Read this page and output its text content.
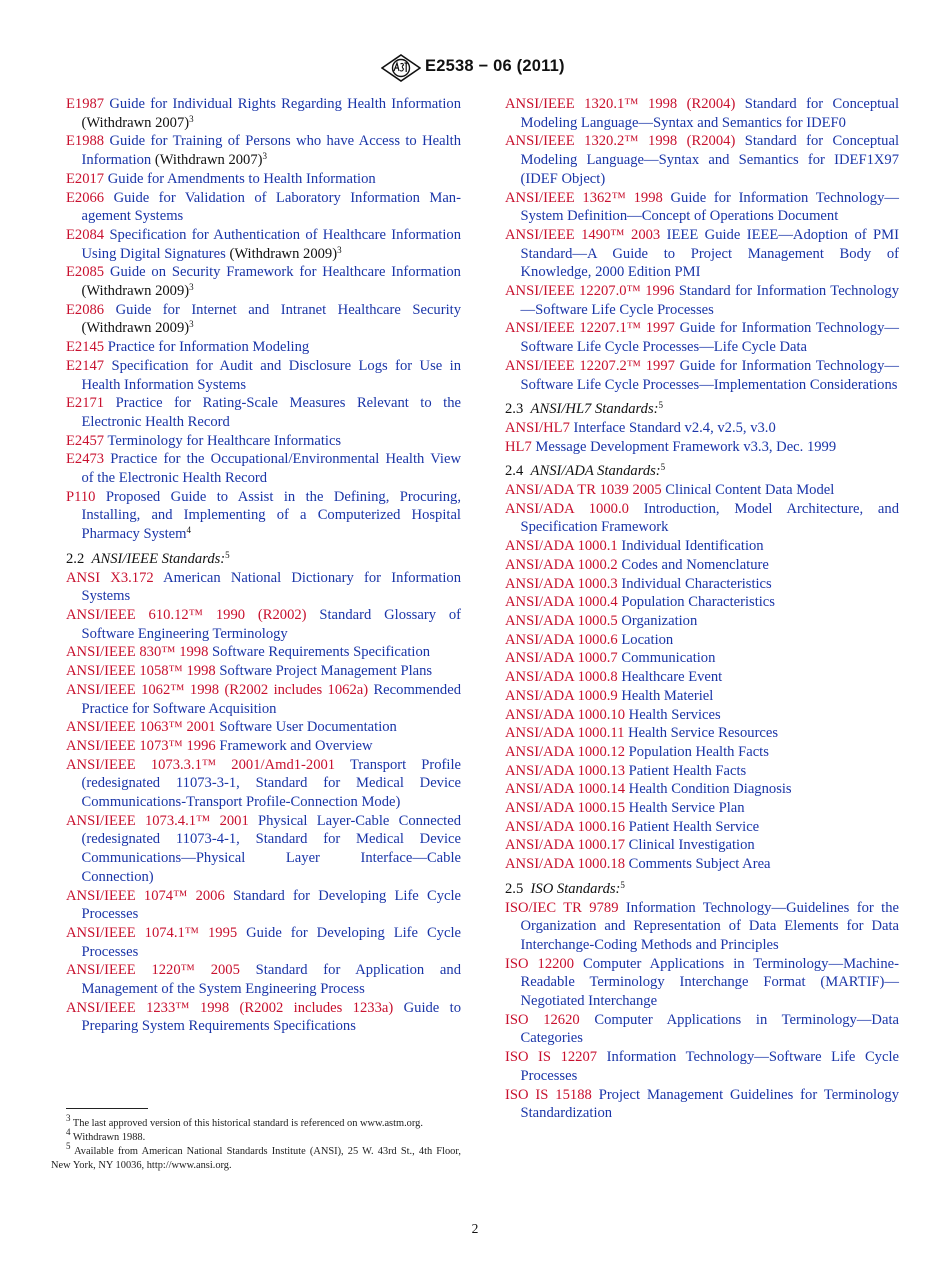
E2538 − 06 (2011)

E1987 Guide for Individual Rights Regarding Health Information (Withdrawn 2007)$^3$

E1988 Guide for Training of Persons who have Access to Health Information (Withdrawn 2007)$^3$

E2017 Guide for Amendments to Health Information

E2066 Guide for Validation of Laboratory Information Management Systems

E2084 Specification for Authentication of Healthcare Information Using Digital Signatures (Withdrawn 2009)$^3$

E2085 Guide on Security Framework for Healthcare Information (Withdrawn 2009)$^3$

E2086 Guide for Internet and Intranet Healthcare Security (Withdrawn 2009)$^3$

E2145 Practice for Information Modeling

E2147 Specification for Audit and Disclosure Logs for Use in Health Information Systems

E2171 Practice for Rating-Scale Measures Relevant to the Electronic Health Record

E2457 Terminology for Healthcare Informatics

E2473 Practice for the Occupational/Environmental Health View of the Electronic Health Record

P110 Proposed Guide to Assist in the Defining, Procuring, Installing, and Implementing of a Computerized Hospital Pharmacy System$^4$

2.2 ANSI/IEEE Standards:$^5$

ANSI X3.172 American National Dictionary for Information Systems

ANSI/IEEE 610.12™ 1990 (R2002) Standard Glossary of Software Engineering Terminology

ANSI/IEEE 830™ 1998 Software Requirements Specification

ANSI/IEEE 1058™ 1998 Software Project Management Plans

ANSI/IEEE 1062™ 1998 (R2002 includes 1062a) Recommended Practice for Software Acquisition

ANSI/IEEE 1063™ 2001 Software User Documentation

ANSI/IEEE 1073™ 1996 Framework and Overview

ANSI/IEEE 1073.3.1™ 2001/Amd1-2001 Transport Profile (redesignated 11073-3-1, Standard for Medical Device Communications-Transport Profile-Connection Mode)

ANSI/IEEE 1073.4.1™ 2001 Physical Layer-Cable Connected (redesignated 11073-4-1, Standard for Medical Device Communications—Physical Layer Interface—Cable Connection)

ANSI/IEEE 1074™ 2006 Standard for Developing Life Cycle Processes

ANSI/IEEE 1074.1™ 1995 Guide for Developing Life Cycle Processes

ANSI/IEEE 1220™ 2005 Standard for Application and Management of the System Engineering Process

ANSI/IEEE 1233™ 1998 (R2002 includes 1233a) Guide to Preparing System Requirements Specifications

ANSI/IEEE 1320.1™ 1998 (R2004) Standard for Conceptual Modeling Language—Syntax and Semantics for IDEF0

ANSI/IEEE 1320.2™ 1998 (R2004) Standard for Conceptual Modeling Language—Syntax and Semantics for IDEF1X97 (IDEF Object)

ANSI/IEEE 1362™ 1998 Guide for Information Technology—System Definition—Concept of Operations Document

ANSI/IEEE 1490™ 2003 IEEE Guide IEEE—Adoption of PMI Standard—A Guide to Project Management Body of Knowledge, 2000 Edition PMI

ANSI/IEEE 12207.0™ 1996 Standard for Information Technology—Software Life Cycle Processes

ANSI/IEEE 12207.1™ 1997 Guide for Information Technology—Software Life Cycle Processes—Life Cycle Data

ANSI/IEEE 12207.2™ 1997 Guide for Information Technology—Software Life Cycle Processes—Implementation Considerations

2.3 ANSI/HL7 Standards:$^5$

ANSI/HL7 Interface Standard v2.4, v2.5, v3.0

HL7 Message Development Framework v3.3, Dec. 1999

2.4 ANSI/ADA Standards:$^5$

ANSI/ADA TR 1039 2005 Clinical Content Data Model

ANSI/ADA 1000.0 Introduction, Model Architecture, and Specification Framework

ANSI/ADA 1000.1 Individual Identification

ANSI/ADA 1000.2 Codes and Nomenclature

ANSI/ADA 1000.3 Individual Characteristics

ANSI/ADA 1000.4 Population Characteristics

ANSI/ADA 1000.5 Organization

ANSI/ADA 1000.6 Location

ANSI/ADA 1000.7 Communication

ANSI/ADA 1000.8 Healthcare Event

ANSI/ADA 1000.9 Health Materiel

ANSI/ADA 1000.10 Health Services

ANSI/ADA 1000.11 Health Service Resources

ANSI/ADA 1000.12 Population Health Facts

ANSI/ADA 1000.13 Patient Health Facts

ANSI/ADA 1000.14 Health Condition Diagnosis

ANSI/ADA 1000.15 Health Service Plan

ANSI/ADA 1000.16 Patient Health Service

ANSI/ADA 1000.17 Clinical Investigation

ANSI/ADA 1000.18 Comments Subject Area

2.5 ISO Standards:$^5$

ISO/IEC TR 9789 Information Technology—Guidelines for the Organization and Representation of Data Elements for Data Interchange-Coding Methods and Principles

ISO 12200 Computer Applications in Terminology—Machine-Readable Terminology Interchange Format (MARTIF)—Negotiated Interchange

ISO 12620 Computer Applications in Terminology—Data Categories

ISO IS 12207 Information Technology—Software Life Cycle Processes

ISO IS 15188 Project Management Guidelines for Terminology Standardization

$^3$ The last approved version of this historical standard is referenced on www.astm.org.

$^4$ Withdrawn 1988.

$^5$ Available from American National Standards Institute (ANSI), 25 W. 43rd St., 4th Floor, New York, NY 10036, http://www.ansi.org.

2
